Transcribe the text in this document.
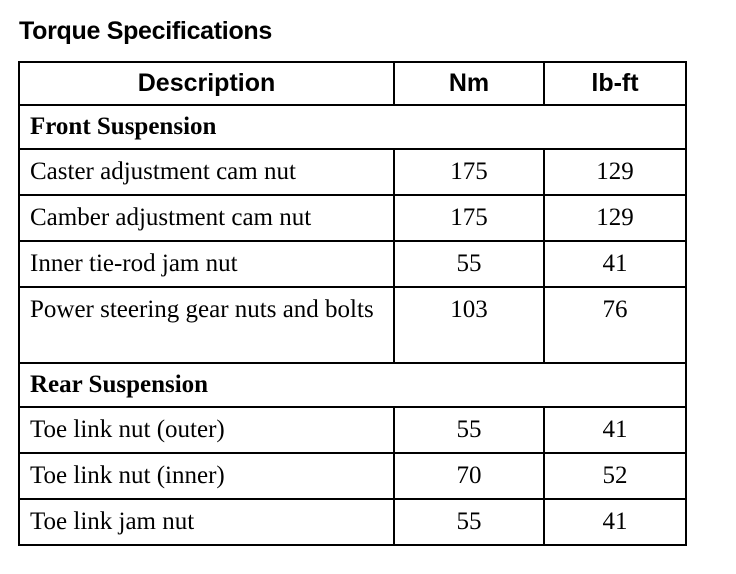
Torque Specifications
Description	Nm	lb-ft
Front Suspension		
Caster adjustment cam nut	175	129
Camber adjustment cam nut	175	129
Inner tie-rod jam nut	55	41
Power steering gear nuts and bolts	103	76
Rear Suspension		
Toe link nut (outer)	55	41
Toe link nut (inner)	70	52
Toe link jam nut	55	41
